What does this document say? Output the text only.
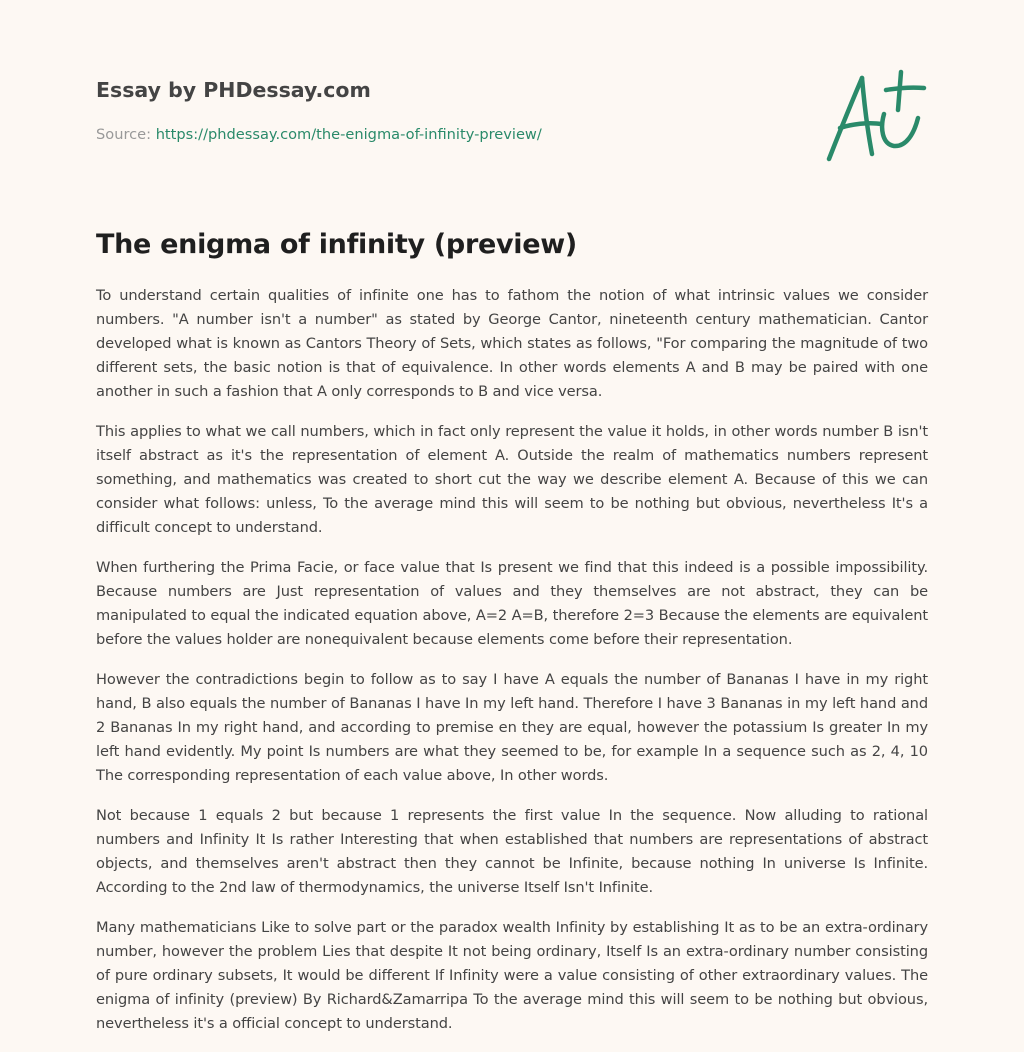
Essay by PHDessay.com
Source: https://phdessay.com/the-enigma-of-infinity-preview/
The enigma of infinity (preview)

To understand certain qualities of infinite one has to fathom the notion of what intrinsic values we consider numbers. "A number isn't a number" as stated by George Cantor, nineteenth century mathematician. Cantor developed what is known as Cantors Theory of Sets, which states as follows, "For comparing the magnitude of two different sets, the basic notion is that of equivalence. In other words elements A and B may be paired with one another in such a fashion that A only corresponds to B and vice versa.

This applies to what we call numbers, which in fact only represent the value it holds, in other words number B isn't itself abstract as it's the representation of element A. Outside the realm of mathematics numbers represent something, and mathematics was created to short cut the way we describe element A. Because of this we can consider what follows: unless, To the average mind this will seem to be nothing but obvious, nevertheless It's a difficult concept to understand.

When furthering the Prima Facie, or face value that Is present we find that this indeed is a possible impossibility. Because numbers are Just representation of values and they themselves are not abstract, they can be manipulated to equal the indicated equation above, A=2 A=B, therefore 2=3 Because the elements are equivalent before the values holder are nonequivalent because elements come before their representation.

However the contradictions begin to follow as to say I have A equals the number of Bananas I have in my right hand, B also equals the number of Bananas I have In my left hand. Therefore I have 3 Bananas in my left hand and 2 Bananas In my right hand, and according to premise en they are equal, however the potassium Is greater In my left hand evidently. My point Is numbers are what they seemed to be, for example In a sequence such as 2, 4, 10 The corresponding representation of each value above, In other words.

Not because 1 equals 2 but because 1 represents the first value In the sequence. Now alluding to rational numbers and Infinity It Is rather Interesting that when established that numbers are representations of abstract objects, and themselves aren't abstract then they cannot be Infinite, because nothing In universe Is Infinite. According to the 2nd law of thermodynamics, the universe Itself Isn't Infinite.

Many mathematicians Like to solve part or the paradox wealth Infinity by establishing It as to be an extra-ordinary number, however the problem Lies that despite It not being ordinary, Itself Is an extra-ordinary number consisting of pure ordinary subsets, It would be different If Infinity were a value consisting of other extraordinary values. The enigma of infinity (preview) By Richard&Zamarripa To the average mind this will seem to be nothing but obvious, nevertheless it's a official concept to understand.
